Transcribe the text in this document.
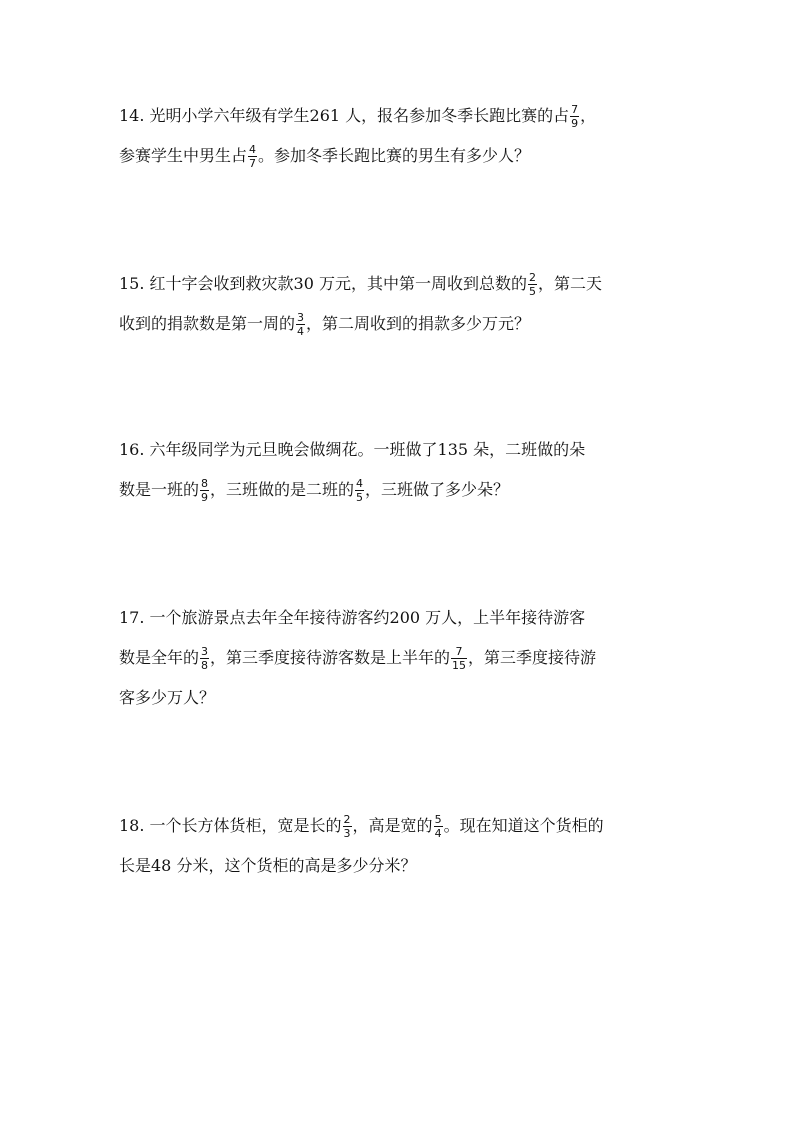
14. 光明小学六年级有学生261 人，报名参加冬季长跑比赛的占 $\frac{7}{9}$ ，
参赛学生中男生占 $\frac{4}{7}$ 。参加冬季长跑比赛的男生有多少人？
15. 红十字会收到救灾款30 万元，其中第一周收到总数的 $\frac{2}{5}$ ，第二天
收到的捐款数是第一周的 $\frac{3}{4}$ ，第二周收到的捐款多少万元？
16. 六年级同学为元旦晚会做绸花。一班做了135 朵，二班做的朵
数是一班的 $\frac{8}{9}$ ，三班做的是二班的 $\frac{4}{5}$ ，三班做了多少朵？
17. 一个旅游景点去年全年接待游客约200 万人，上半年接待游客
数是全年的 $\frac{3}{8}$ ，第三季度接待游客数是上半年的 $\frac{7}{15}$ ，第三季度接待游
客多少万人？
18. 一个长方体货柜，宽是长的 $\frac{2}{3}$ ，高是宽的 $\frac{5}{4}$ 。现在知道这个货柜的
长是48 分米，这个货柜的高是多少分米？
